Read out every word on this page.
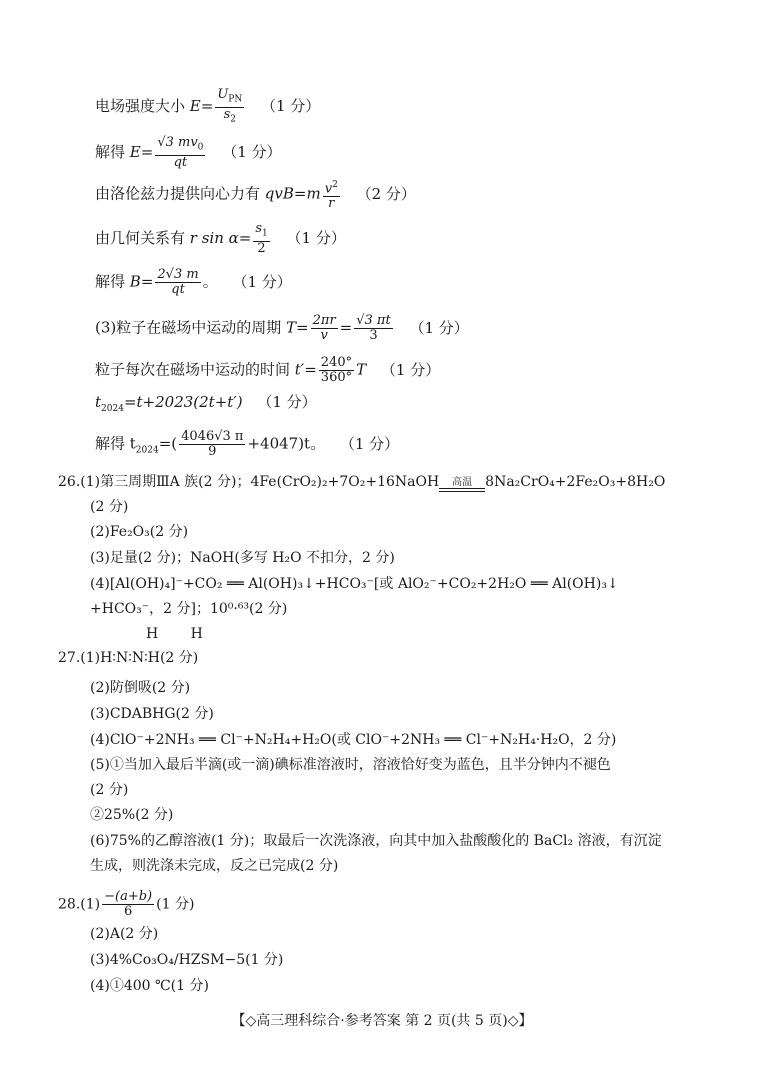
电场强度大小 $E= \frac{U_{PN}}{s_2} (1$ 分）
解得 $E= \frac{√3 mv_0}{qt} (1$ 分）
由洛伦兹力提供向心力有 $qvB=m \frac{v^2}{r} (2$ 分）
由几何关系有 r $\sin \alpha= \frac{s_1}{2} (1$ 分）
解得 $B= \frac{2√3 m}{qt}$ 。 （1 分）
(3)粒子在磁场中运动的周期 $T= \frac{2\pi r}{v} = \frac{√3 \pi t}{3} (1$ 分）
粒子每次在磁场中运动的时间 $t'= \frac{240^\circ}{360^\circ}$ T （1 分）
$t_{2024}=t+2023(2t+t')$ （1 分）
解得 $t_{2024}=( \frac{4046√3 \pi}{9} +4047)t$。 （1 分）
26.(1)第三周期ⅢA 族(2 分)；4Fe(CrO₂)₂+7O₂+16NaOH 高温 8Na₂CrO₄+2Fe₂O₃+8H₂O
(2 分)
(2)Fe₂O₃(2 分)
(3)足量(2 分)；NaOH(多写 H₂O 不扣分，2 分)
(4)[Al(OH)₄]⁻+CO₂ ══ Al(OH)₃↓+HCO₃⁻[或 AlO₂⁻+CO₂+2H₂O ══ Al(OH)₃↓
+HCO₃⁻，2 分]；10⁰·⁶³(2 分)
H H
27.(1)H∶N∶N∶H(2 分)
(2)防倒吸(2 分)
(3)CDABHG(2 分)
(4)ClO⁻+2NH₃ ══ Cl⁻+N₂H₄+H₂O(或 ClO⁻+2NH₃ ══ Cl⁻+N₂H₄·H₂O，2 分)
(5)①当加入最后半滴(或一滴)碘标准溶液时，溶液恰好变为蓝色，且半分钟内不褪色
(2 分)
②25%(2 分)
(6)75%的乙醇溶液(1 分)；取最后一次洗涤液，向其中加入盐酸酸化的 BaCl₂ 溶液，有沉淀
生成，则洗涤未完成，反之已完成(2 分)
$28.(1) \frac{-(a+b)}{6} (1$ 分)
(2)A(2 分)
(3)4%Co₃O₄/HZSM−5(1 分)
(4)①400 ℃(1 分)
【◇高三理科综合·参考答案 第 2 页(共 5 页)◇】
